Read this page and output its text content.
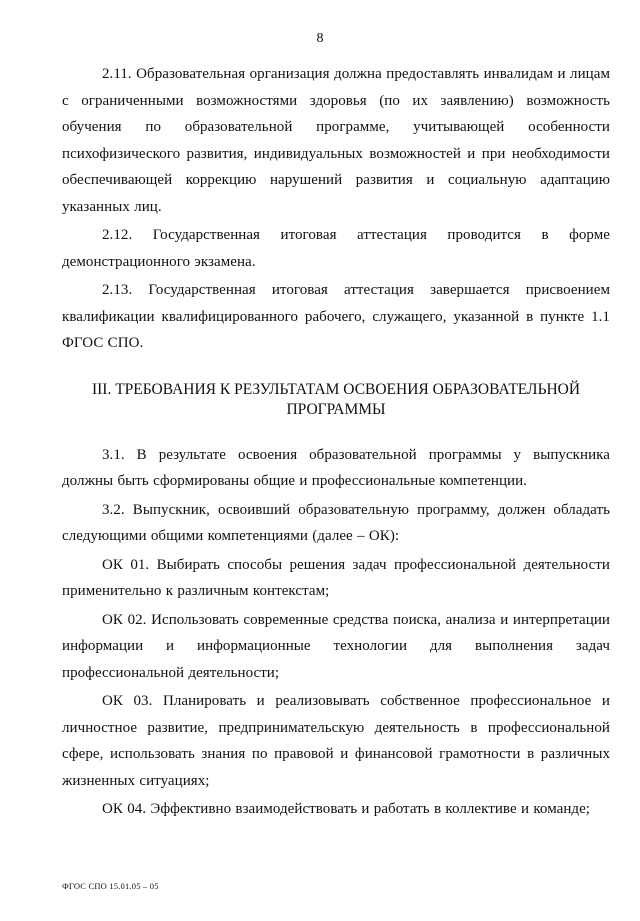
8

2.11. Образовательная организация должна предоставлять инвалидам и лицам с ограниченными возможностями здоровья (по их заявлению) возможность обучения по образовательной программе, учитывающей особенности психофизического развития, индивидуальных возможностей и при необходимости обеспечивающей коррекцию нарушений развития и социальную адаптацию указанных лиц.

2.12. Государственная итоговая аттестация проводится в форме демонстрационного экзамена.

2.13. Государственная итоговая аттестация завершается присвоением квалификации квалифицированного рабочего, служащего, указанной в пункте 1.1 ФГОС СПО.

III. ТРЕБОВАНИЯ К РЕЗУЛЬТАТАМ ОСВОЕНИЯ ОБРАЗОВАТЕЛЬНОЙ ПРОГРАММЫ

3.1. В результате освоения образовательной программы у выпускника должны быть сформированы общие и профессиональные компетенции.

3.2. Выпускник, освоивший образовательную программу, должен обладать следующими общими компетенциями (далее – ОК):

ОК 01. Выбирать способы решения задач профессиональной деятельности применительно к различным контекстам;

ОК 02. Использовать современные средства поиска, анализа и интерпретации информации и информационные технологии для выполнения задач профессиональной деятельности;

ОК 03. Планировать и реализовывать собственное профессиональное и личностное развитие, предпринимательскую деятельность в профессиональной сфере, использовать знания по правовой и финансовой грамотности в различных жизненных ситуациях;

ОК 04. Эффективно взаимодействовать и работать в коллективе и команде;

ФГОС СПО 15.01.05 – 05
